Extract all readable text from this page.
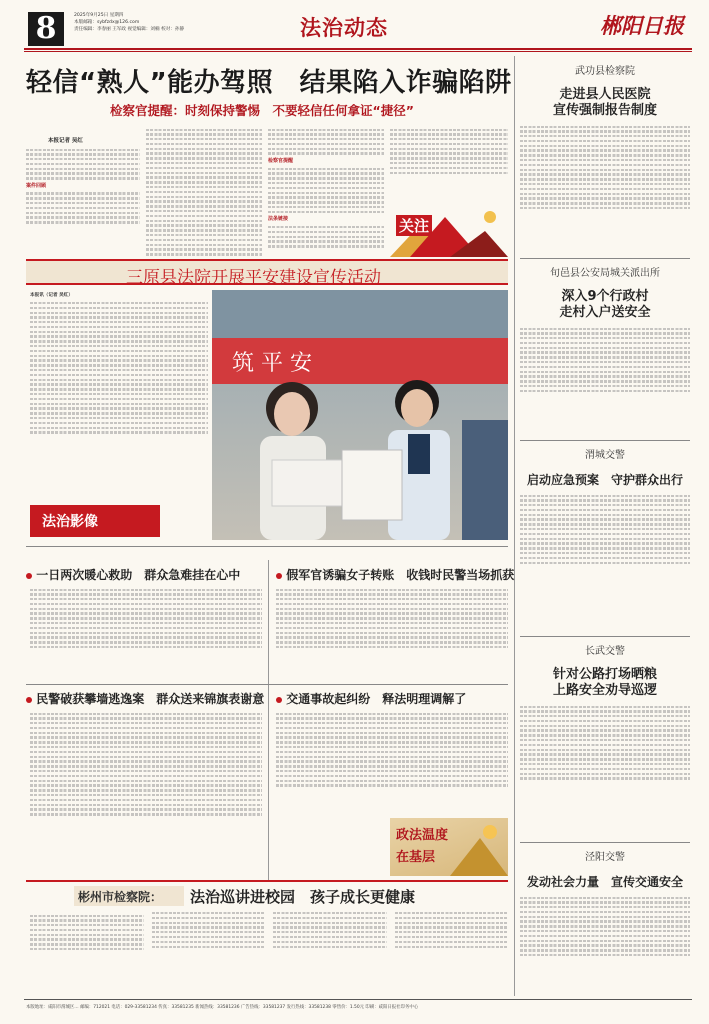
8	2025年9月25日 星期四
本版邮箱：sybfzdx@126.com
责任编辑：李春丽 王军政 视觉编辑：刘楠 校对：孙静	法治动态	郴阳日报
轻信“熟人”能办驾照　结果陷入诈骗陷阱
检察官提醒：时刻保持警惕　不要轻信任何拿证“捷径”
本报记者 吴红
案件回顾
检察官提醒
法条链接	关注
三原县法院开展平安建设宣传活动
本报讯（记者 吴红）
法治影像
筑 平 安
一日两次暖心救助　群众急难挂在心中	假军官诱骗女子转账　收钱时民警当场抓获
民警破获攀墙逃逸案　群众送来锦旗表谢意	交通事故起纠纷　释法明理调解了
政法温度
在基层
彬州市检察院： 法治巡讲进校园　孩子成长更健康
武功县检察院
走进县人民医院
宣传强制报告制度
旬邑县公安局城关派出所
深入9个行政村
走村入户送安全
渭城交警
启动应急预案　守护群众出行
长武交警
针对公路打场晒粮
上路安全劝导巡逻
泾阳交警
发动社会力量　宣传交通安全
本版地址：咸阳市渭城区… 邮编：712021 电话：029-33581234 传真：33581235 新闻热线：33581236 广告热线：33581237 发行热线：33581238 零售价：1.50元 印刷：咸阳日报社印务中心
